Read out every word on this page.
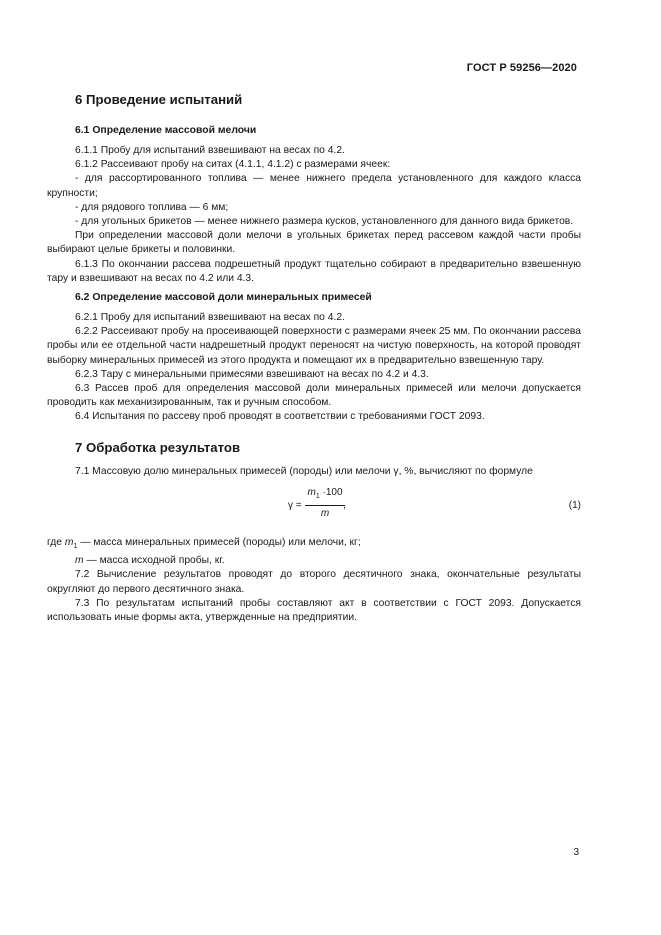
ГОСТ Р 59256—2020
6 Проведение испытаний
6.1 Определение массовой мелочи

6.1.1 Пробу для испытаний взвешивают на весах по 4.2.

6.1.2 Рассеивают пробу на ситах (4.1.1, 4.1.2) с размерами ячеек:

- для рассортированного топлива — менее нижнего предела установленного для каждого класса крупности;

- для рядового топлива — 6 мм;

- для угольных брикетов — менее нижнего размера кусков, установленного для данного вида брикетов.

При определении массовой доли мелочи в угольных брикетах перед рассевом каждой части пробы выбирают целые брикеты и половинки.

6.1.3 По окончании рассева подрешетный продукт тщательно собирают в предварительно взвешенную тару и взвешивают на весах по 4.2 или 4.3.

6.2 Определение массовой доли минеральных примесей

6.2.1 Пробу для испытаний взвешивают на весах по 4.2.

6.2.2 Рассеивают пробу на просеивающей поверхности с размерами ячеек 25 мм. По окончании рассева пробы или ее отдельной части надрешетный продукт переносят на чистую поверхность, на которой проводят выборку минеральных примесей из этого продукта и помещают их в предварительно взвешенную тару.

6.2.3 Тару с минеральными примесями взвешивают на весах по 4.2 и 4.3.

6.3 Рассев проб для определения массовой доли минеральных примесей или мелочи допускается проводить как механизированным, так и ручным способом.

6.4 Испытания по рассеву проб проводят в соответствии с требованиями ГОСТ 2093.

7 Обработка результатов

7.1 Массовую долю минеральных примесей (породы) или мелочи γ, %, вычисляют по формуле

$\gamma = \frac{m_1 \cdot 100}{m}$
,	(1)

где $m_1$ — масса минеральных примесей (породы) или мелочи, кг;

m — масса исходной пробы, кг.

7.2 Вычисление результатов проводят до второго десятичного знака, окончательные результаты округляют до первого десятичного знака.

7.3 По результатам испытаний пробы составляют акт в соответствии с ГОСТ 2093. Допускается использовать иные формы акта, утвержденные на предприятии.

3
